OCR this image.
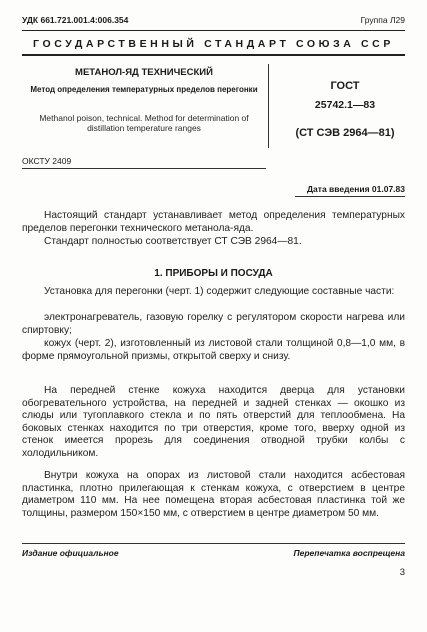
УДК 661.721.001.4:006.354	Группа Л29
ГОСУДАРСТВЕННЫЙ СТАНДАРТ СОЮЗА ССР
МЕТАНОЛ-ЯД ТЕХНИЧЕСКИЙ
Метод определения температурных пределов перегонки
Methanol poison, technical. Method for determination of distillation temperature ranges
ГОСТ
25742.1—83
(СТ СЭВ 2964—81)
ОКСТУ 2409
Дата введения 01.07.83
Настоящий стандарт устанавливает метод определения температурных пределов перегонки технического метанола-яда.
Стандарт полностью соответствует СТ СЭВ 2964—81.
1. ПРИБОРЫ И ПОСУДА
Установка для перегонки (черт. 1) содержит следующие составные части:
электронагреватель, газовую горелку с регулятором скорости нагрева или спиртовку;
кожух (черт. 2), изготовленный из листовой стали толщиной 0,8—1,0 мм, в форме прямоугольной призмы, открытой сверху и снизу.
На передней стенке кожуха находится дверца для установки обогревательного устройства, на передней и задней стенках — окошко из слюды или тугоплавкого стекла и по пять отверстий для теплообмена. На боковых стенках находится по три отверстия, кроме того, вверху одной из стенок имеется прорезь для соединения отводной трубки колбы с холодильником.
Внутри кожуха на опорах из листовой стали находится асбестовая пластинка, плотно прилегающая к стенкам кожуха, с отверстием в центре диаметром 110 мм. На нее помещена вторая асбестовая пластинка той же толщины, размером 150×150 мм, с отверстием в центре диаметром 50 мм.
Издание официальное	Перепечатка воспрещена
3
